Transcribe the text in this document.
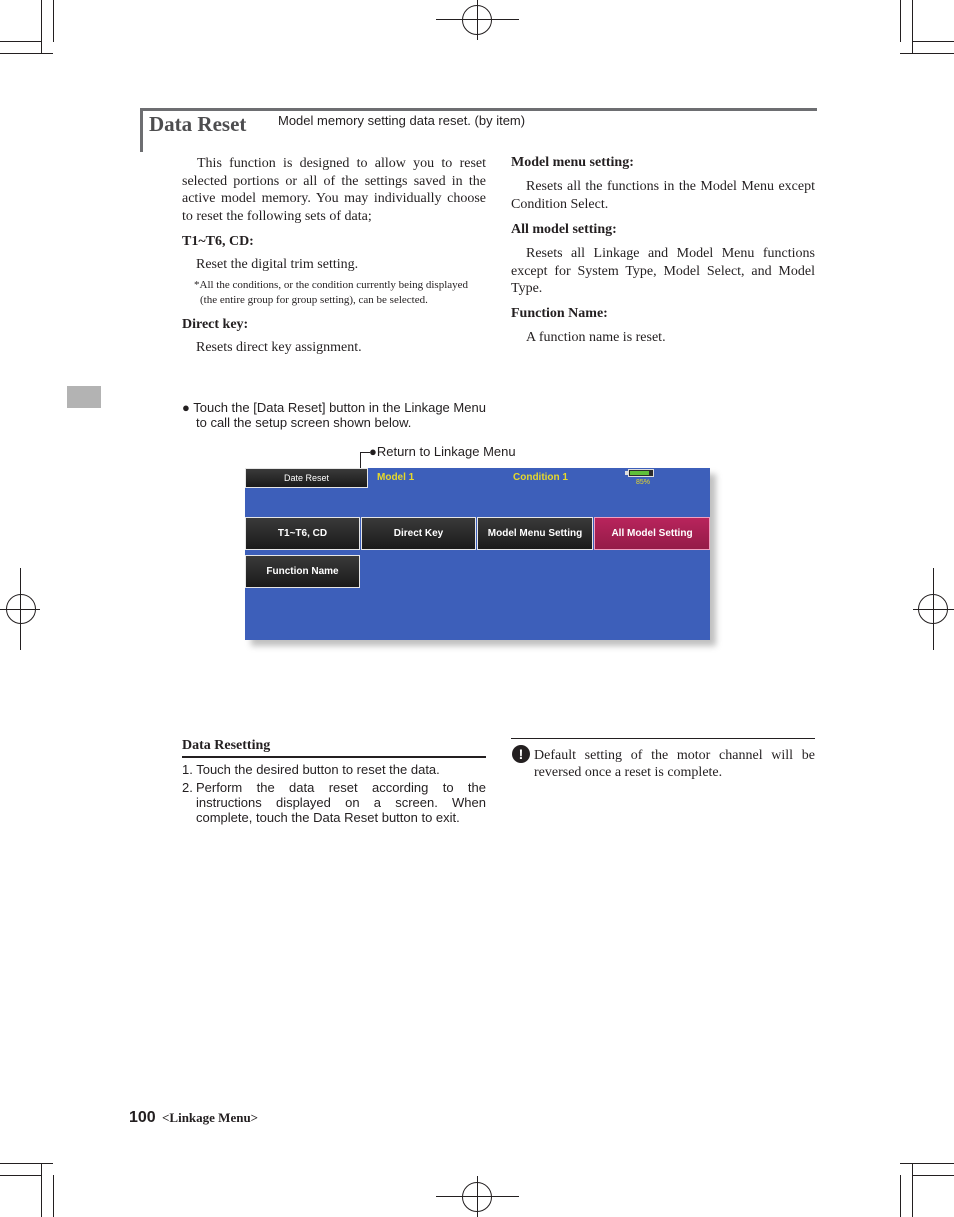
Data Reset Model memory setting data reset. (by item)
This function is designed to allow you to reset selected portions or all of the settings saved in the active model memory. You may individually choose to reset the following sets of data;
T1~T6, CD:
Reset the digital trim setting.
*All the conditions, or the condition currently being displayed
(the entire group for group setting), can be selected.
Direct key:
Resets direct key assignment.
Model menu setting:
Resets all the functions in the Model Menu except Condition Select.
All model setting:
Resets all Linkage and Model Menu functions except for System Type, Model Select, and Model Type.
Function Name:
A function name is reset.
● Touch the [Data Reset] button in the Linkage Menu
to call the setup screen shown below.
●Return to Linkage Menu
Date Reset	Model 1	Condition 1	85%
T1~T6, CD	Direct Key	Model Menu Setting	All Model Setting
Function Name
Data Resetting
1. Touch the desired button to reset the data.
2. Perform the data reset according to the instructions displayed on a screen. When complete, touch the Data Reset button to exit.
! Default setting of the motor channel will be reversed once a reset is complete.
100 <Linkage Menu>
